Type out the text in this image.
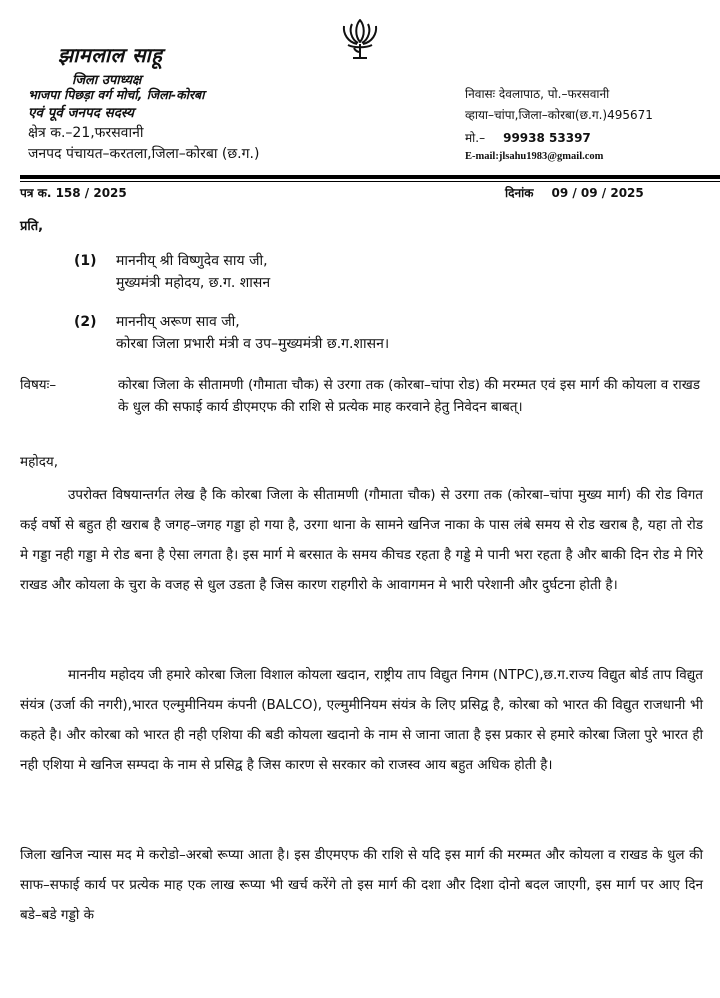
झामलाल साहू
जिला उपाध्यक्ष
भाजपा पिछड़ा वर्ग मोर्चा, जिला-कोरबा
एवं पूर्व जनपद सदस्य
क्षेत्र क.–21,फरसवानी
जनपद पंचायत–करतला,जिला–कोरबा (छ.ग.)
निवासः देवलापाठ, पो.–फरसवानी
व्हाया–चांपा,जिला–कोरबा(छ.ग.)495671
मो.– 99938 53397
E-mail:jlsahu1983@gmail.com
पत्र क. 158 / 2025	दिनांक 09 / 09 / 2025
प्रति,
(1) माननीय् श्री विष्णुदेव साय जी,
मुख्यमंत्री महोदय, छ.ग. शासन
(2) माननीय् अरूण साव जी,
कोरबा जिला प्रभारी मंत्री व उप–मुख्यमंत्री छ.ग.शासन।
विषयः–	कोरबा जिला के सीतामणी (गौमाता चौक) से उरगा तक (कोरबा–चांपा रोड) की मरम्मत एवं इस मार्ग की कोयला व राखड के धुल की सफाई कार्य डीएमएफ की राशि से प्रत्येक माह करवाने हेतु निवेदन बाबत्।
महोदय,

उपरोक्त विषयान्तर्गत लेख है कि कोरबा जिला के सीतामणी (गौमाता चौक) से उरगा तक (कोरबा–चांपा मुख्य मार्ग) की रोड विगत कई वर्षो से बहुत ही खराब है जगह–जगह गड्डा हो गया है, उरगा थाना के सामने खनिज नाका के पास लंबे समय से रोड खराब है, यहा तो रोड मे गड्डा नही गड्डा मे रोड बना है ऐसा लगता है। इस मार्ग मे बरसात के समय कीचड रहता है गड्डे मे पानी भरा रहता है और बाकी दिन रोड मे गिरे राखड और कोयला के चुरा के वजह से धुल उडता है जिस कारण राहगीरो के आवागमन मे भारी परेशानी और दुर्घटना होती है।

माननीय महोदय जी हमारे कोरबा जिला विशाल कोयला खदान, राष्ट्रीय ताप विद्युत निगम (NTPC),छ.ग.राज्य विद्युत बोर्ड ताप विद्युत संयंत्र (उर्जा की नगरी),भारत एल्मुमीनियम कंपनी (BALCO), एल्मुमीनियम संयंत्र के लिए प्रसिद्व है, कोरबा को भारत की विद्युत राजधानी भी कहते है। और कोरबा को भारत ही नही एशिया की बडी कोयला खदानो के नाम से जाना जाता है इस प्रकार से हमारे कोरबा जिला पुरे भारत ही नही एशिया मे खनिज सम्पदा के नाम से प्रसिद्व है जिस कारण से सरकार को राजस्व आय बहुत अधिक होती है।

जिला खनिज न्यास मद मे करोडो–अरबो रूप्या आता है। इस डीएमएफ की राशि से यदि इस मार्ग की मरम्मत और कोयला व राखड के धुल की साफ–सफाई कार्य पर प्रत्येक माह एक लाख रूप्या भी खर्च करेंगे तो इस मार्ग की दशा और दिशा दोनो बदल जाएगी, इस मार्ग पर आए दिन बडे–बडे गड्डो के
